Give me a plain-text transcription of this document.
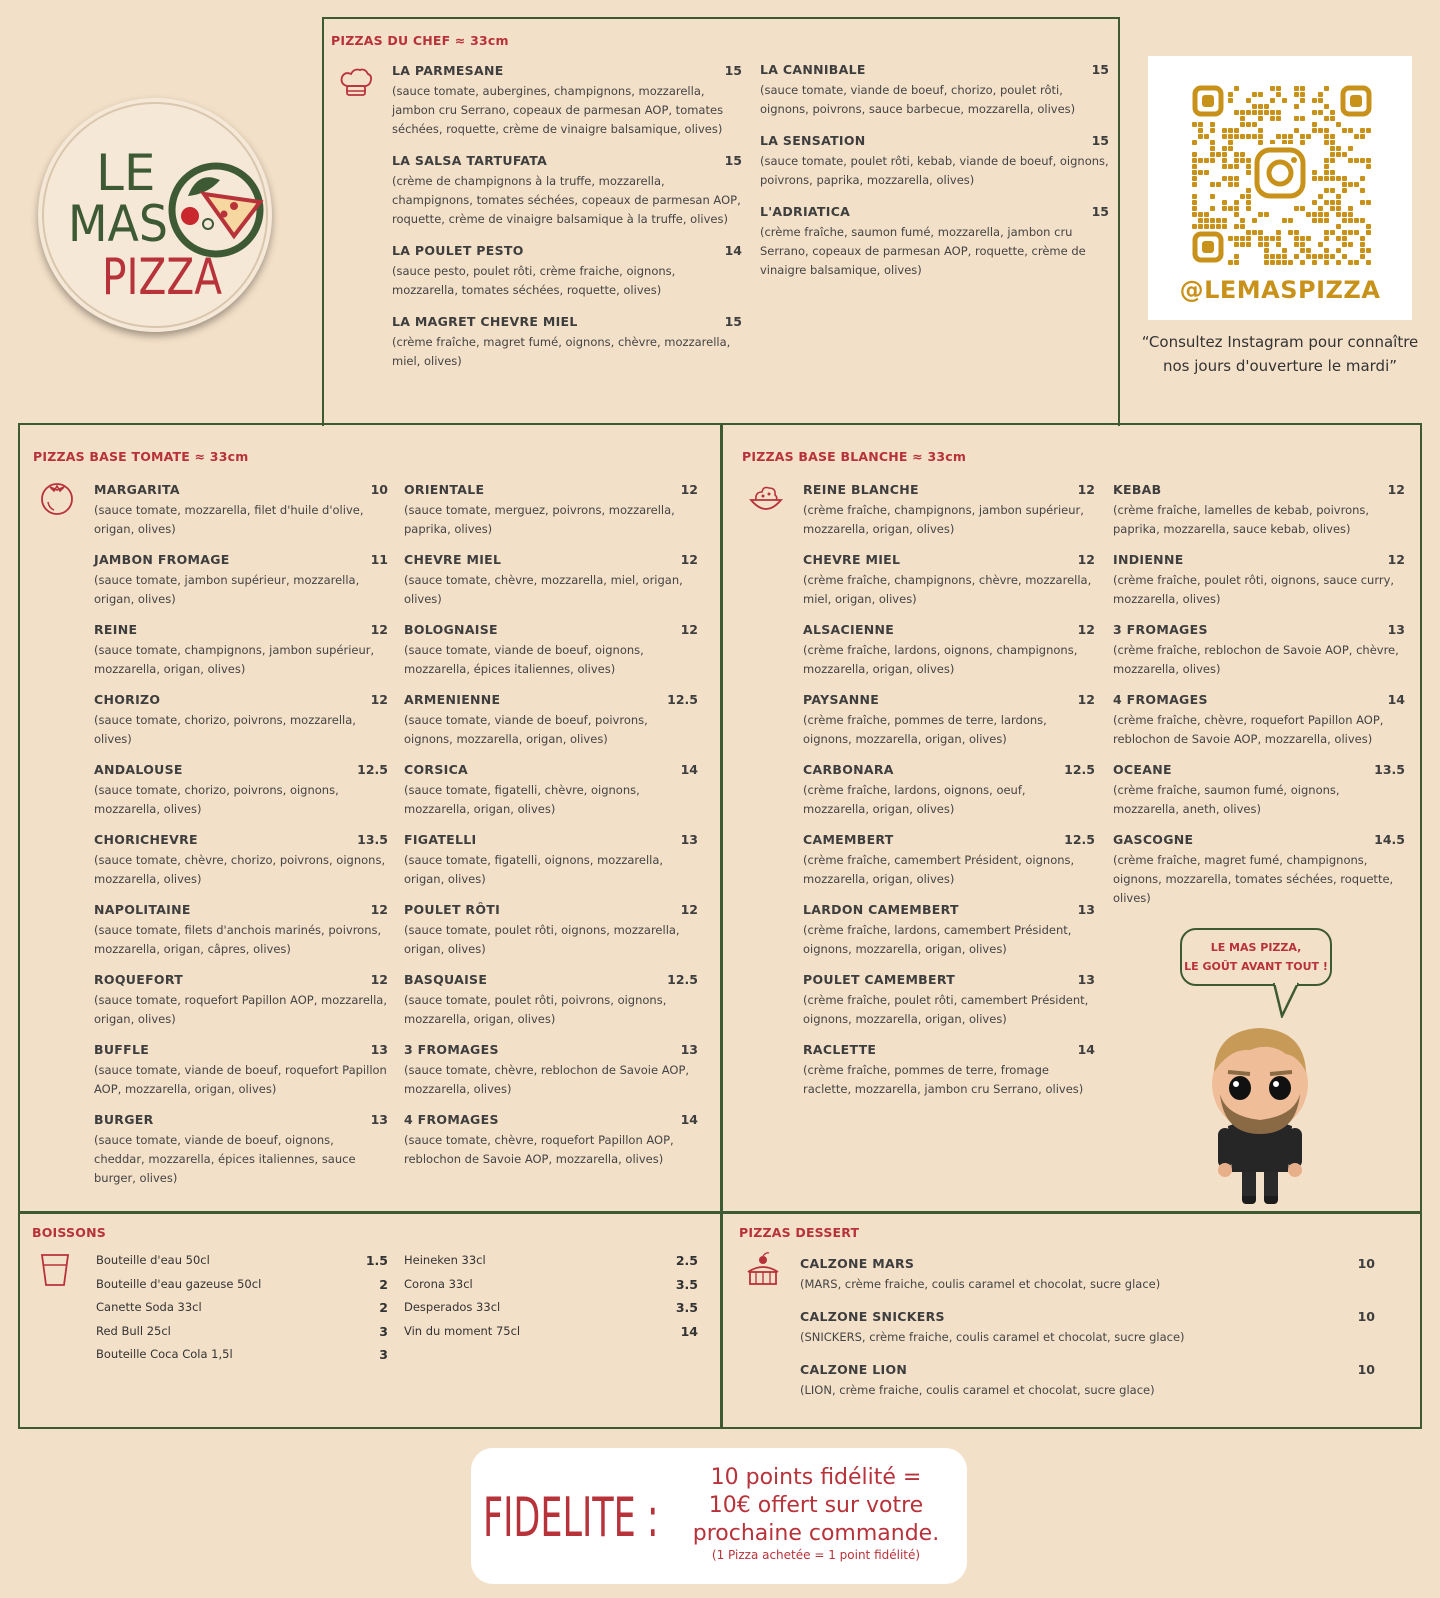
LE
MAS
PIZZA
PIZZAS DU CHEF ≈ 33cm
LA PARMESANE	15
(sauce tomate, aubergines, champignons, mozzarella, jambon cru Serrano, copeaux de parmesan AOP, tomates séchées, roquette, crème de vinaigre balsamique, olives)
LA SALSA TARTUFATA	15
(crème de champignons à la truffe, mozzarella, champignons, tomates séchées, copeaux de parmesan AOP, roquette, crème de vinaigre balsamique à la truffe, olives)
LA POULET PESTO	14
(sauce pesto, poulet rôti, crème fraiche, oignons, mozzarella, tomates séchées, roquette, olives)
LA MAGRET CHEVRE MIEL	15
(crème fraîche, magret fumé, oignons, chèvre, mozzarella, miel, olives)
LA CANNIBALE	15
(sauce tomate, viande de boeuf, chorizo, poulet rôti, oignons, poivrons, sauce barbecue, mozzarella, olives)
LA SENSATION	15
(sauce tomate, poulet rôti, kebab, viande de boeuf, oignons, poivrons, paprika, mozzarella, olives)
L'ADRIATICA	15
(crème fraîche, saumon fumé, mozzarella, jambon cru Serrano, copeaux de parmesan AOP, roquette, crème de vinaigre balsamique, olives)
@LEMASPIZZA
“Consultez Instagram pour connaître nos jours d'ouverture le mardi”
PIZZAS BASE TOMATE ≈ 33cm
MARGARITA	10
(sauce tomate, mozzarella, filet d'huile d'olive, origan, olives)
JAMBON FROMAGE	11
(sauce tomate, jambon supérieur, mozzarella, origan, olives)
REINE	12
(sauce tomate, champignons, jambon supérieur, mozzarella, origan, olives)
CHORIZO	12
(sauce tomate, chorizo, poivrons, mozzarella, olives)
ANDALOUSE	12.5
(sauce tomate, chorizo, poivrons, oignons, mozzarella, olives)
CHORICHEVRE	13.5
(sauce tomate, chèvre, chorizo, poivrons, oignons, mozzarella, olives)
NAPOLITAINE	12
(sauce tomate, filets d'anchois marinés, poivrons, mozzarella, origan, câpres, olives)
ROQUEFORT	12
(sauce tomate, roquefort Papillon AOP, mozzarella, origan, olives)
BUFFLE	13
(sauce tomate, viande de boeuf, roquefort Papillon AOP, mozzarella, origan, olives)
BURGER	13
(sauce tomate, viande de boeuf, oignons, cheddar, mozzarella, épices italiennes, sauce burger, olives)
ORIENTALE	12
(sauce tomate, merguez, poivrons, mozzarella, paprika, olives)
CHEVRE MIEL	12
(sauce tomate, chèvre, mozzarella, miel, origan, olives)
BOLOGNAISE	12
(sauce tomate, viande de boeuf, oignons, mozzarella, épices italiennes, olives)
ARMENIENNE	12.5
(sauce tomate, viande de boeuf, poivrons, oignons, mozzarella, origan, olives)
CORSICA	14
(sauce tomate, figatelli, chèvre, oignons, mozzarella, origan, olives)
FIGATELLI	13
(sauce tomate, figatelli, oignons, mozzarella, origan, olives)
POULET RÔTI	12
(sauce tomate, poulet rôti, oignons, mozzarella, origan, olives)
BASQUAISE	12.5
(sauce tomate, poulet rôti, poivrons, oignons, mozzarella, origan, olives)
3 FROMAGES	13
(sauce tomate, chèvre, reblochon de Savoie AOP, mozzarella, olives)
4 FROMAGES	14
(sauce tomate, chèvre, roquefort Papillon AOP, reblochon de Savoie AOP, mozzarella, olives)
PIZZAS BASE BLANCHE ≈ 33cm
REINE BLANCHE	12
(crème fraîche, champignons, jambon supérieur, mozzarella, origan, olives)
CHEVRE MIEL	12
(crème fraîche, champignons, chèvre, mozzarella, miel, origan, olives)
ALSACIENNE	12
(crème fraîche, lardons, oignons, champignons, mozzarella, origan, olives)
PAYSANNE	12
(crème fraîche, pommes de terre, lardons, oignons, mozzarella, origan, olives)
CARBONARA	12.5
(crème fraîche, lardons, oignons, oeuf, mozzarella, origan, olives)
CAMEMBERT	12.5
(crème fraîche, camembert Président, oignons, mozzarella, origan, olives)
LARDON CAMEMBERT	13
(crème fraîche, lardons, camembert Président, oignons, mozzarella, origan, olives)
POULET CAMEMBERT	13
(crème fraîche, poulet rôti, camembert Président, oignons, mozzarella, origan, olives)
RACLETTE	14
(crème fraîche, pommes de terre, fromage raclette, mozzarella, jambon cru Serrano, olives)
KEBAB	12
(crème fraîche, lamelles de kebab, poivrons, paprika, mozzarella, sauce kebab, olives)
INDIENNE	12
(crème fraîche, poulet rôti, oignons, sauce curry, mozzarella, olives)
3 FROMAGES	13
(crème fraîche, reblochon de Savoie AOP, chèvre, mozzarella, olives)
4 FROMAGES	14
(crème fraîche, chèvre, roquefort Papillon AOP, reblochon de Savoie AOP, mozzarella, olives)
OCEANE	13.5
(crème fraîche, saumon fumé, oignons, mozzarella, aneth, olives)
GASCOGNE	14.5
(crème fraîche, magret fumé, champignons, oignons, mozzarella, tomates séchées, roquette, olives)
LE MAS PIZZA,
LE GOÛT AVANT TOUT !
BOISSONS
Bouteille d'eau 50cl	1.5
Bouteille d'eau gazeuse 50cl	2
Canette Soda 33cl	2
Red Bull 25cl	3
Bouteille Coca Cola 1,5l	3
Heineken 33cl	2.5
Corona 33cl	3.5
Desperados 33cl	3.5
Vin du moment 75cl	14
PIZZAS DESSERT
CALZONE MARS	10
(MARS, crème fraiche, coulis caramel et chocolat, sucre glace)
CALZONE SNICKERS	10
(SNICKERS, crème fraiche, coulis caramel et chocolat, sucre glace)
CALZONE LION	10
(LION, crème fraiche, coulis caramel et chocolat, sucre glace)
FIDELITE :
10 points fidélité =
10€ offert sur votre
prochaine commande.
(1 Pizza achetée = 1 point fidélité)
